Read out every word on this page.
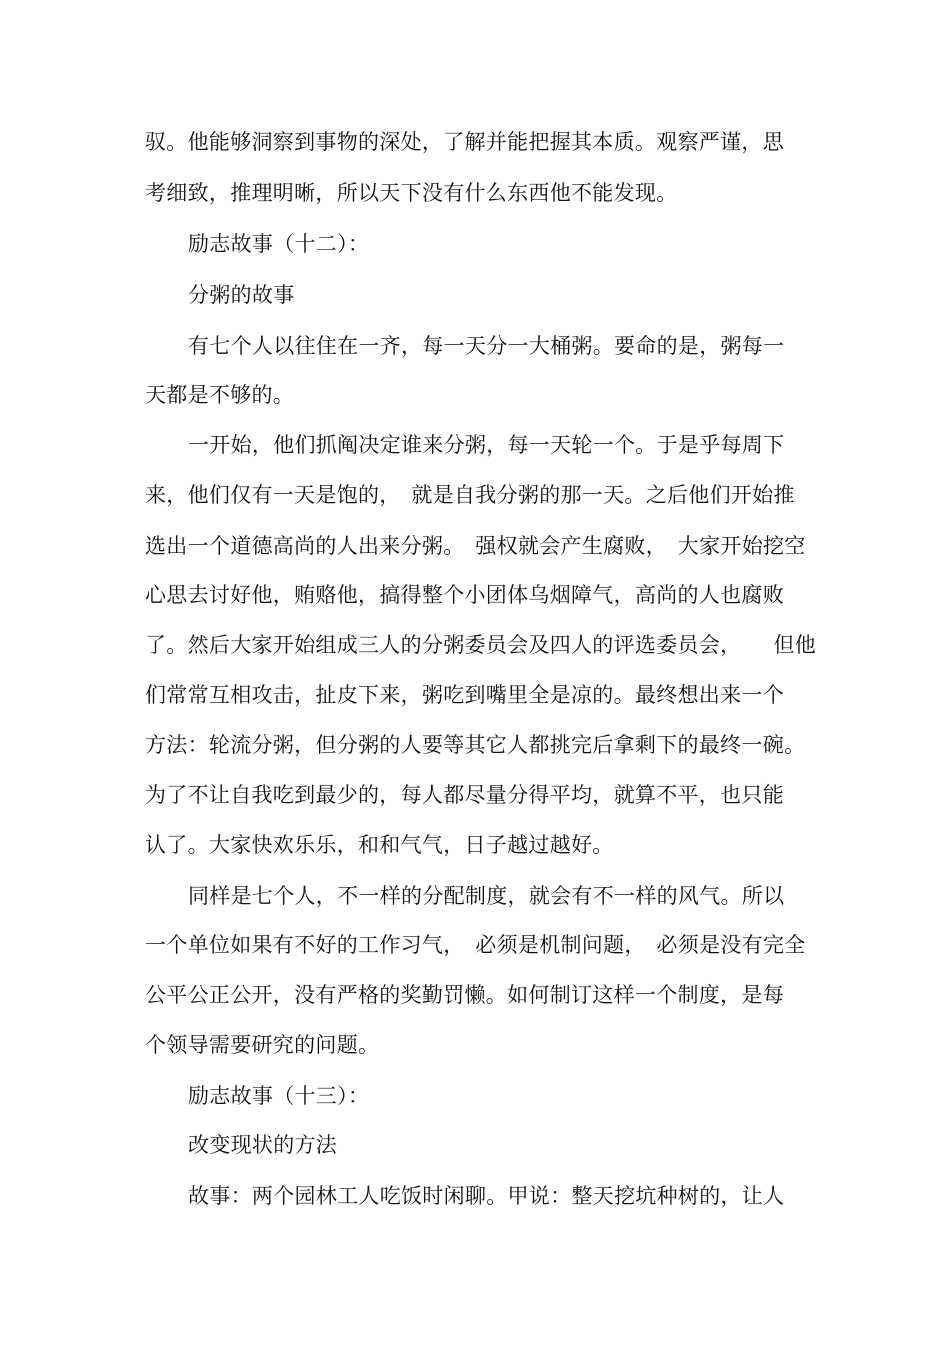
驭。他能够洞察到事物的深处，了解并能把握其本质。观察严谨，思
考细致，推理明晰，所以天下没有什么东西他不能发现。
励志故事（十二）：
分粥的故事
有七个人以往住在一齐，每一天分一大桶粥。要命的是，粥每一
天都是不够的。
一开始，他们抓阄决定谁来分粥，每一天轮一个。于是乎每周下
来，他们仅有一天是饱的，　就是自我分粥的那一天。之后他们开始推
选出一个道德高尚的人出来分粥。　强权就会产生腐败，　大家开始挖空
心思去讨好他，贿赂他，搞得整个小团体乌烟障气，高尚的人也腐败
了。然后大家开始组成三人的分粥委员会及四人的评选委员会，　　但他
们常常互相攻击，扯皮下来，粥吃到嘴里全是凉的。最终想出来一个
方法：轮流分粥，但分粥的人要等其它人都挑完后拿剩下的最终一碗。
为了不让自我吃到最少的，每人都尽量分得平均，就算不平，也只能
认了。大家快欢乐乐，和和气气，日子越过越好。
同样是七个人，不一样的分配制度，就会有不一样的风气。所以
一个单位如果有不好的工作习气，　必须是机制问题，　必须是没有完全
公平公正公开，没有严格的奖勤罚懒。如何制订这样一个制度，是每
个领导需要研究的问题。
励志故事（十三）：
改变现状的方法
故事：两个园林工人吃饭时闲聊。甲说：整天挖坑种树的，让人
